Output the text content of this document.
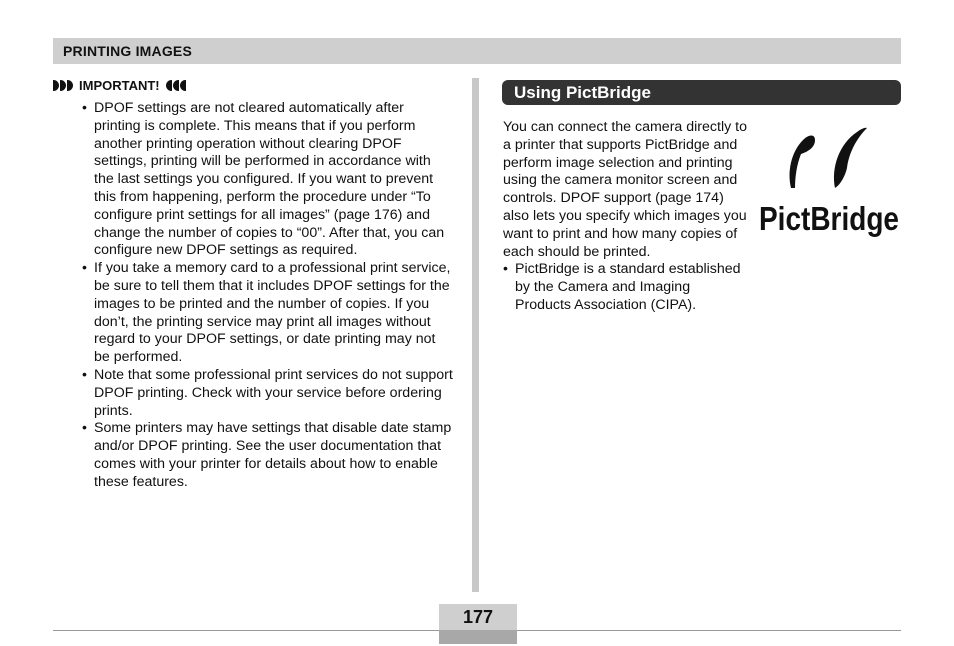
PRINTING IMAGES
IMPORTANT!
• DPOF settings are not cleared automatically after printing is complete. This means that if you perform another printing operation without clearing DPOF settings, printing will be performed in accordance with the last settings you configured. If you want to prevent this from happening, perform the procedure under “To configure print settings for all images” (page 176) and change the number of copies to “00”. After that, you can configure new DPOF settings as required.
• If you take a memory card to a professional print service, be sure to tell them that it includes DPOF settings for the images to be printed and the number of copies. If you don’t, the printing service may print all images without regard to your DPOF settings, or date printing may not be performed.
• Note that some professional print services do not support DPOF printing. Check with your service before ordering prints.
• Some printers may have settings that disable date stamp and/or DPOF printing. See the user documentation that comes with your printer for details about how to enable these features.
Using PictBridge
You can connect the camera directly to a printer that supports PictBridge and perform image selection and printing using the camera monitor screen and controls. DPOF support (page 174) also lets you specify which images you want to print and how many copies of each should be printed.
• PictBridge is a standard established by the Camera and Imaging Products Association (CIPA).
PictBridge
177
